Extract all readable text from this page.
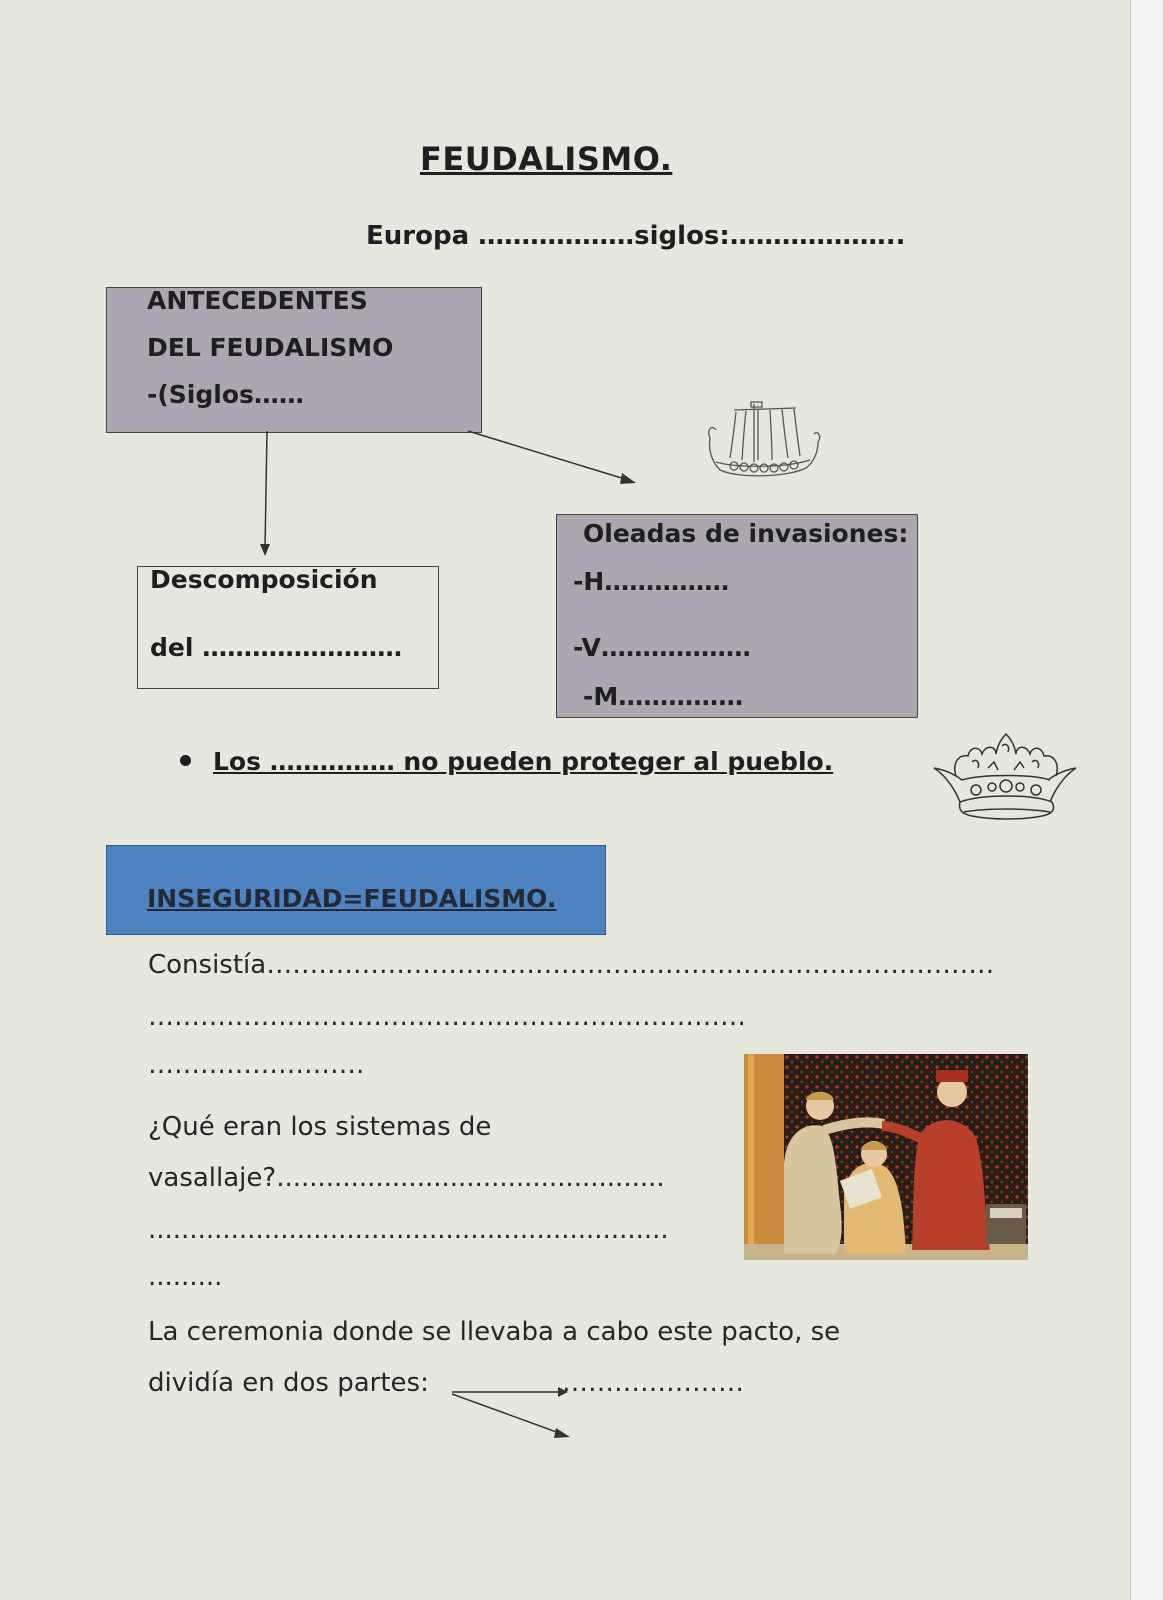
FEUDALISMO.
Europa ………………siglos:………………..
ANTECEDENTES
DEL FEUDALISMO
-(Siglos……
Descomposición
del ……………………
Oleadas de invasiones:
-H……………
-V………………
-M……………
Los …………… no pueden proteger al pueblo.
INSEGURIDAD=FEUDALISMO.
Consistía…………………………………………………………………………
……………………………………………………………
…………………….
¿Qué eran los sistemas de
vasallaje?...............................................
...............................................................
.........
La ceremonia donde se llevaba a cabo este pacto, se
dividía en dos partes:	…………………
